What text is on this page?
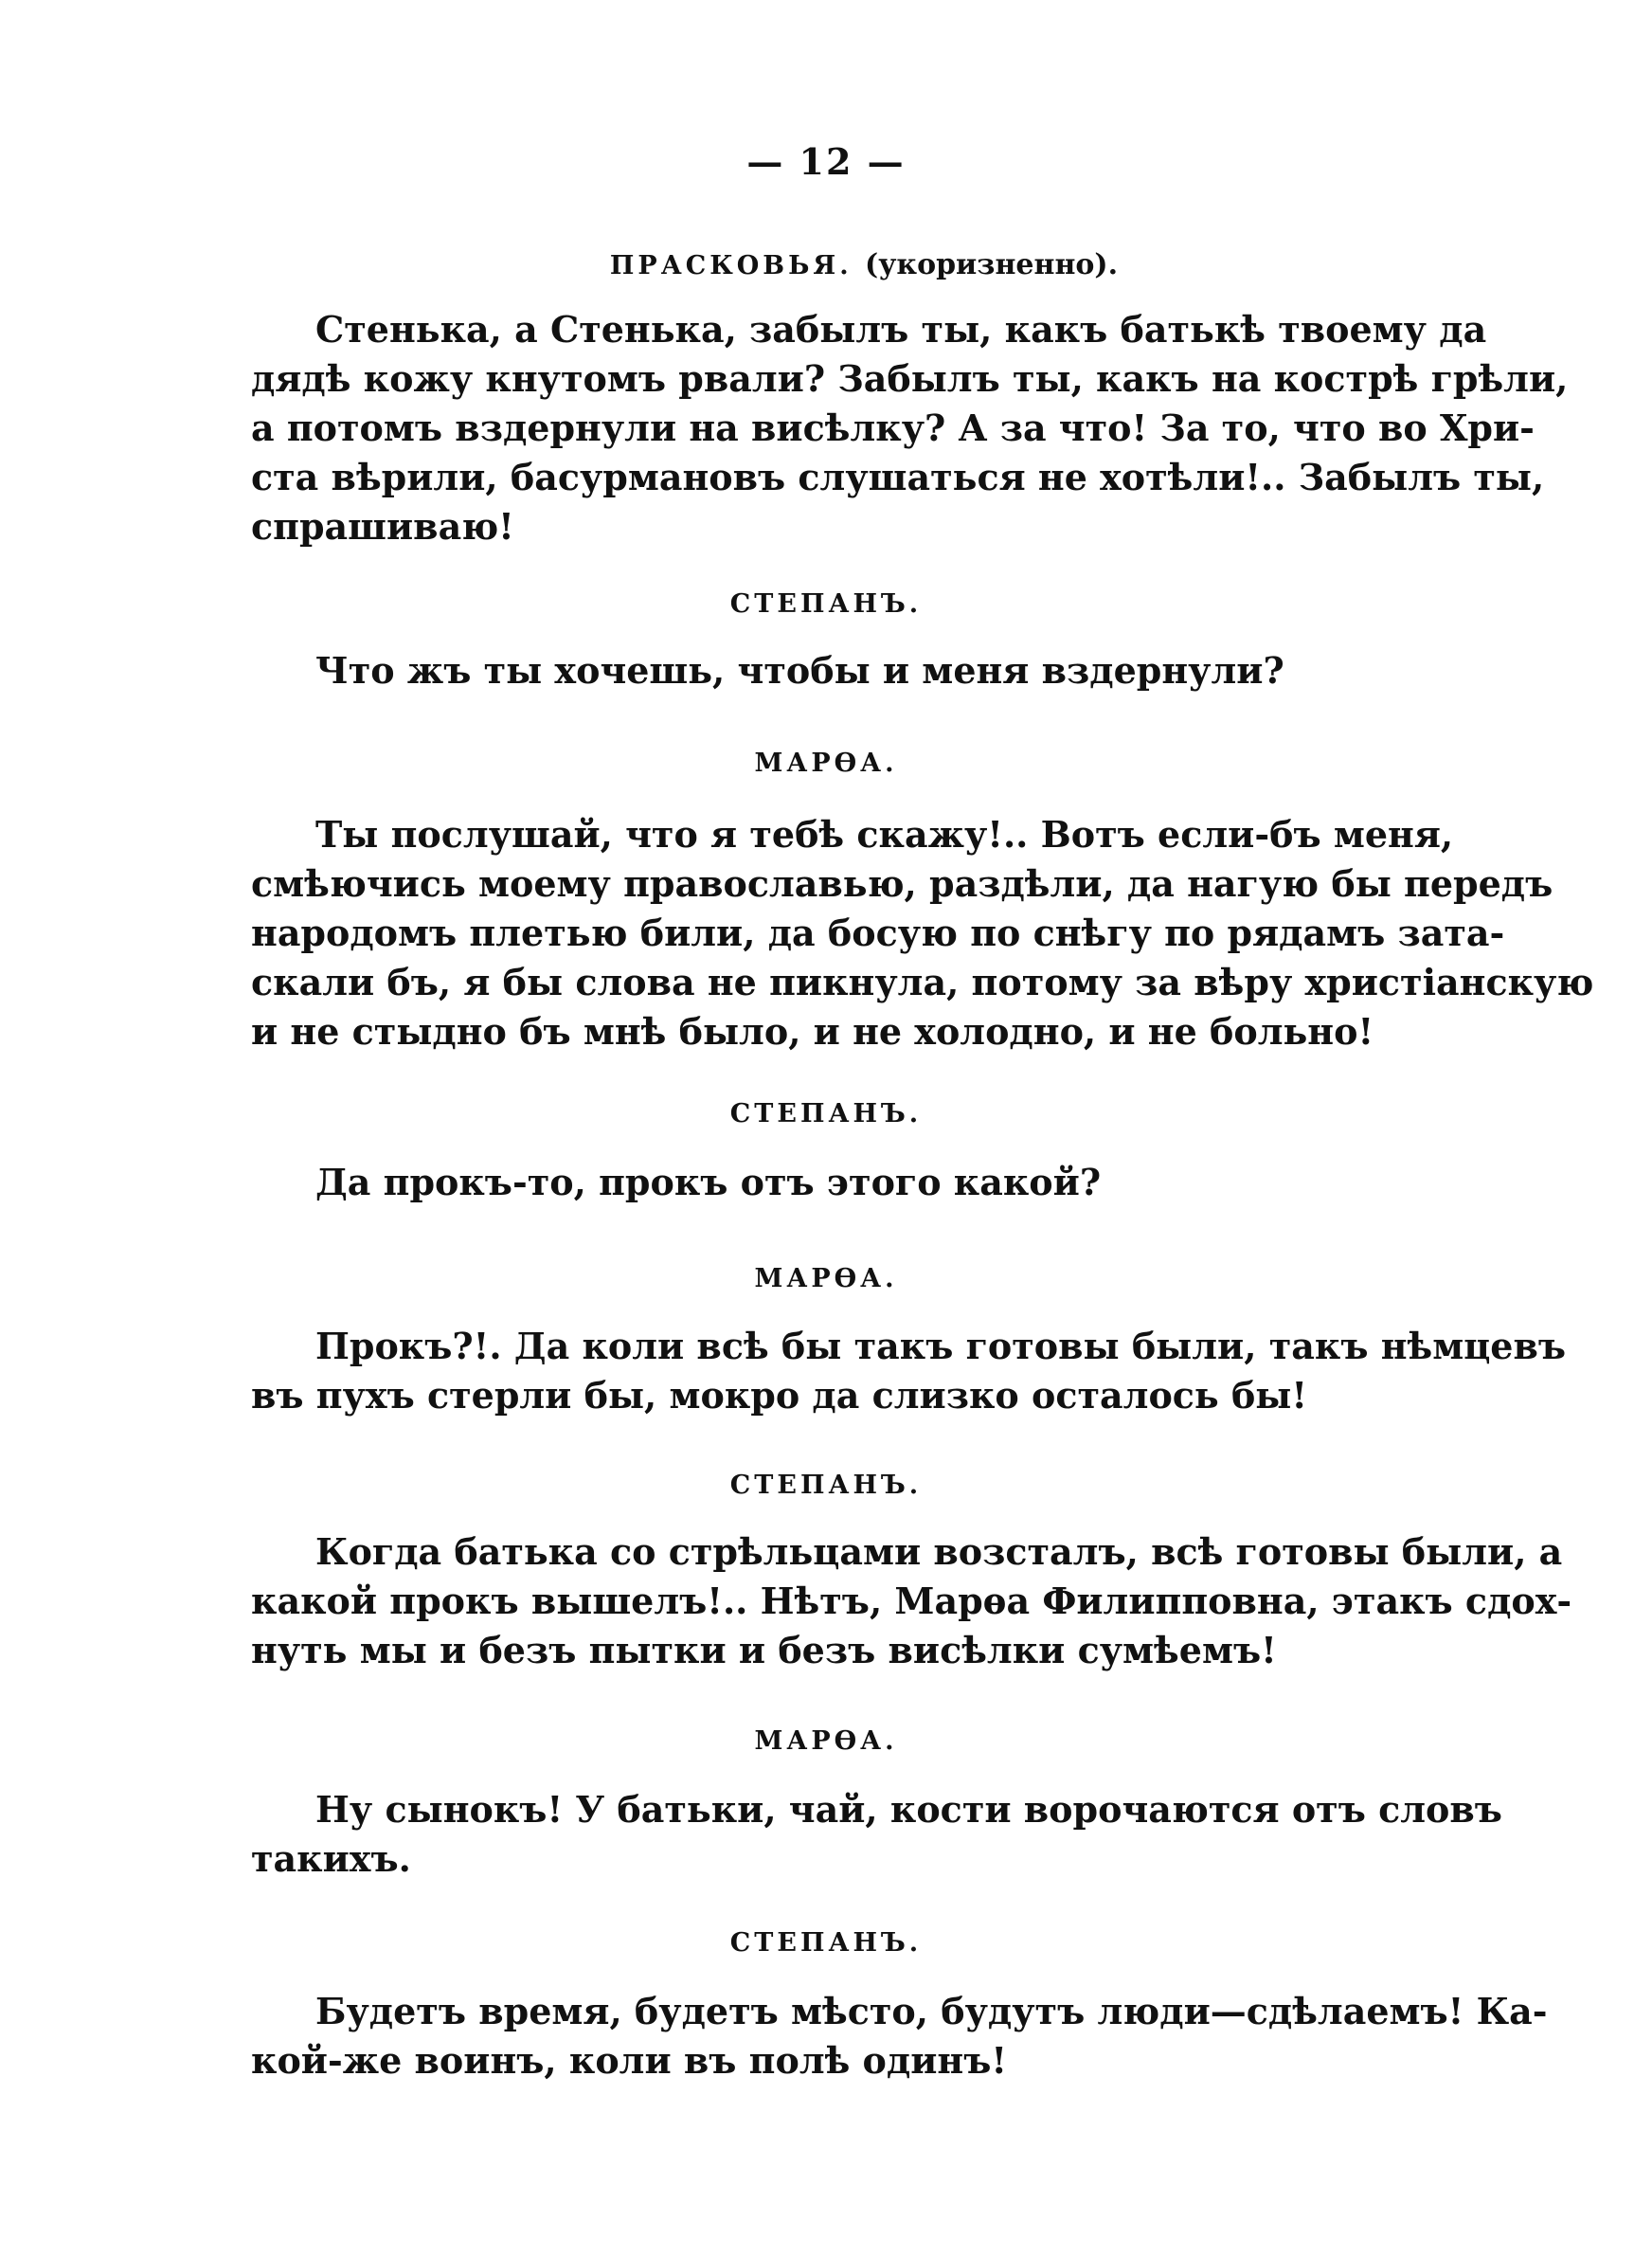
— 12 —
ПРАСКОВЬЯ. (укоризненно).

Стенька, а Стенька, забылъ ты, какъ батькѣ твоему да
дядѣ кожу кнутомъ рвали? Забылъ ты, какъ на кострѣ грѣли,
а потомъ вздернули на висѣлку? А за что! За то, что во Хри-
ста вѣрили, басурмановъ слушаться не хотѣли!.. Забылъ ты,
спрашиваю!

СТЕПАНЪ.

Что жъ ты хочешь, чтобы и меня вздернули?

МАРѲА.

Ты послушай, что я тебѣ скажу!.. Вотъ если-бъ меня,
смѣючись моему православью, раздѣли, да нагую бы передъ
народомъ плетью били, да босую по снѣгу по рядамъ зата-
скали бъ, я бы слова не пикнула, потому за вѣру христіанскую
и не стыдно бъ мнѣ было, и не холодно, и не больно!

СТЕПАНЪ.

Да прокъ-то, прокъ отъ этого какой?

МАРѲА.

Прокъ?!. Да коли всѣ бы такъ готовы были, такъ нѣмцевъ
въ пухъ стерли бы, мокро да слизко осталось бы!

СТЕПАНЪ.

Когда батька со стрѣльцами возсталъ, всѣ готовы были, а
какой прокъ вышелъ!.. Нѣтъ, Марѳа Филипповна, этакъ сдох-
нуть мы и безъ пытки и безъ висѣлки сумѣемъ!

МАРѲА.

Ну сынокъ! У батьки, чай, кости ворочаются отъ словъ
такихъ.

СТЕПАНЪ.

Будетъ время, будетъ мѣсто, будутъ люди—сдѣлаемъ! Ка-
кой-же воинъ, коли въ полѣ одинъ!
